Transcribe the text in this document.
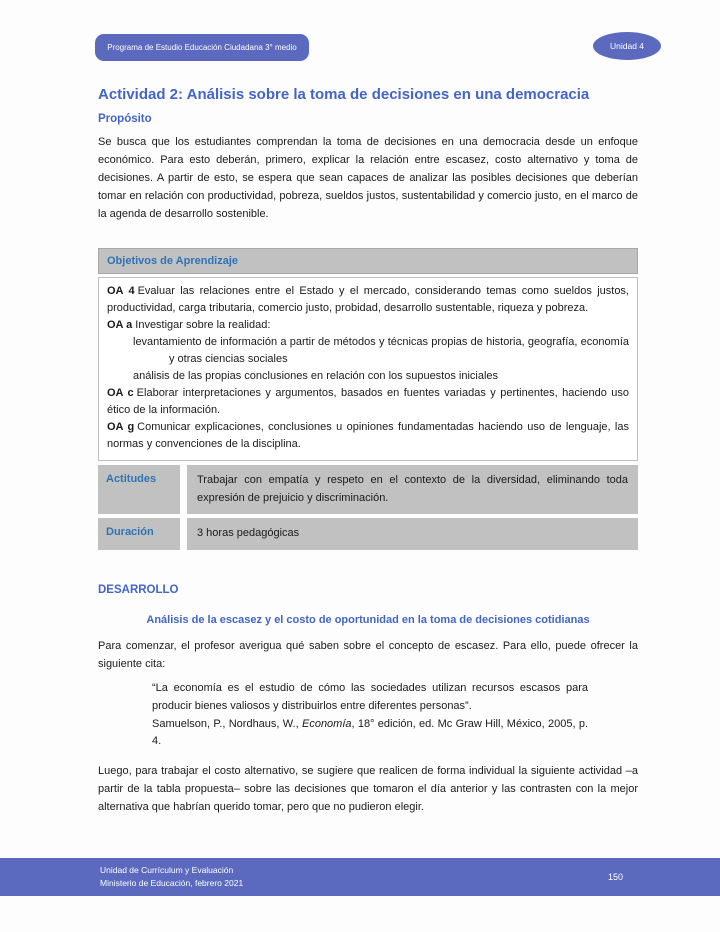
Programa de Estudio Educación Ciudadana 3° medio	Unidad 4
Actividad 2: Análisis sobre la toma de decisiones en una democracia
Propósito

Se busca que los estudiantes comprendan la toma de decisiones en una democracia desde un enfoque económico. Para esto deberán, primero, explicar la relación entre escasez, costo alternativo y toma de decisiones. A partir de esto, se espera que sean capaces de analizar las posibles decisiones que deberían tomar en relación con productividad, pobreza, sueldos justos, sustentabilidad y comercio justo, en el marco de la agenda de desarrollo sostenible.

Objetivos de Aprendizaje

OA 4 Evaluar las relaciones entre el Estado y el mercado, considerando temas como sueldos justos, productividad, carga tributaria, comercio justo, probidad, desarrollo sustentable, riqueza y pobreza.

OA a Investigar sobre la realidad:

levantamiento de información a partir de métodos y técnicas propias de historia, geografía, economía y otras ciencias sociales

análisis de las propias conclusiones en relación con los supuestos iniciales

OA c Elaborar interpretaciones y argumentos, basados en fuentes variadas y pertinentes, haciendo uso ético de la información.

OA g Comunicar explicaciones, conclusiones u opiniones fundamentadas haciendo uso de lenguaje, las normas y convenciones de la disciplina.

Actitudes	Trabajar con empatía y respeto en el contexto de la diversidad, eliminando toda expresión de prejuicio y discriminación.
Duración	3 horas pedagógicas
DESARROLLO
Análisis de la escasez y el costo de oportunidad en la toma de decisiones cotidianas

Para comenzar, el profesor averigua qué saben sobre el concepto de escasez. Para ello, puede ofrecer la siguiente cita:

“La economía es el estudio de cómo las sociedades utilizan recursos escasos para producir bienes valiosos y distribuirlos entre diferentes personas”.

Samuelson, P., Nordhaus, W., Economía, 18° edición, ed. Mc Graw Hill, México, 2005, p. 4.

Luego, para trabajar el costo alternativo, se sugiere que realicen de forma individual la siguiente actividad –a partir de la tabla propuesta– sobre las decisiones que tomaron el día anterior y las contrasten con la mejor alternativa que habrían querido tomar, pero que no pudieron elegir.

Unidad de Currículum y Evaluación
Ministerio de Educación, febrero 2021
150
